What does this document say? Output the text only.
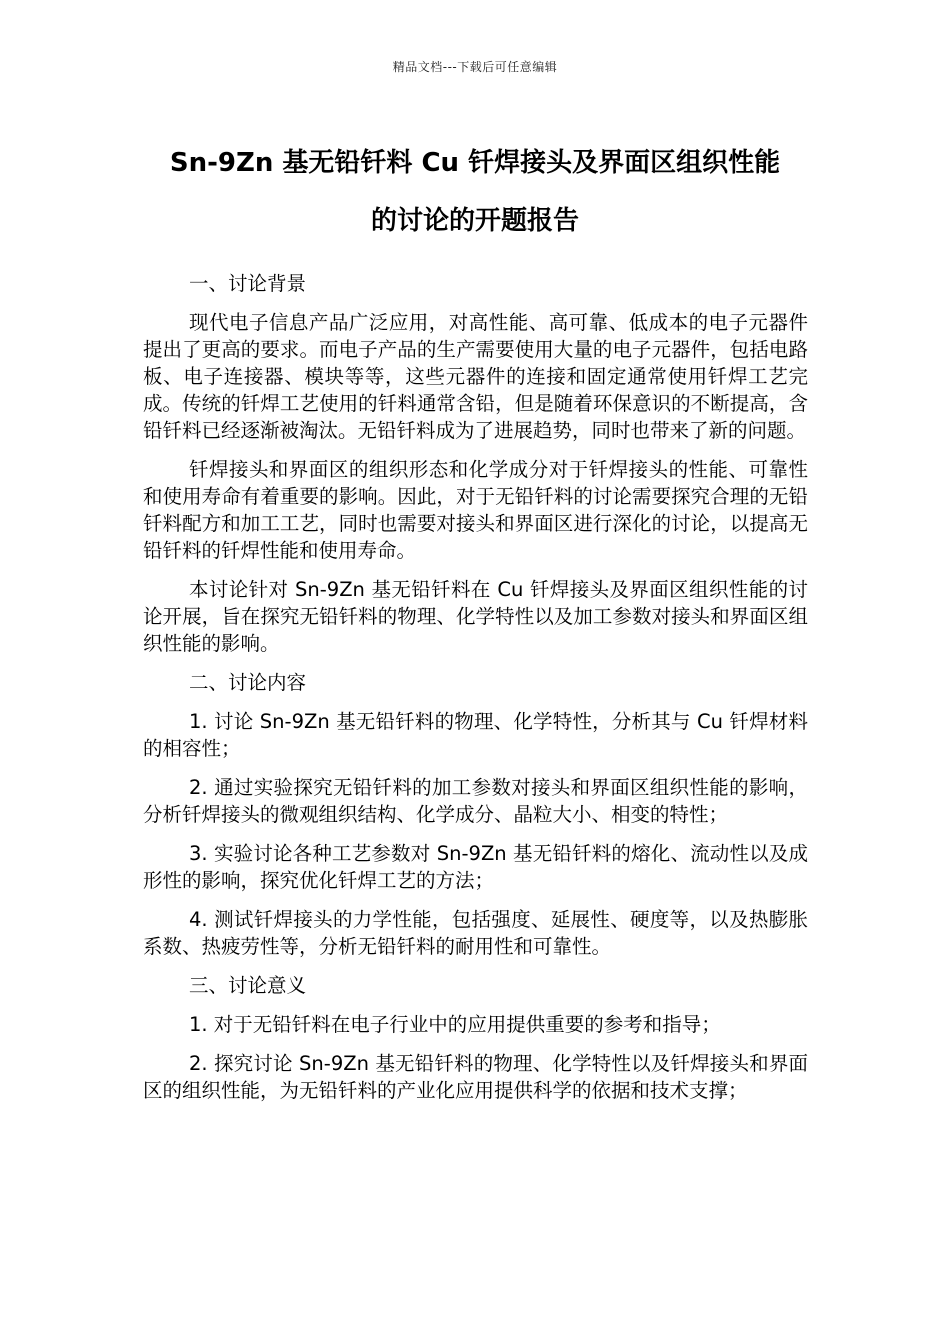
精品文档---下载后可任意编辑
Sn-9Zn 基无铅钎料 Cu 钎焊接头及界面区组织性能
的讨论的开题报告
一、讨论背景
现代电子信息产品广泛应用，对高性能、高可靠、低成本的电子元器件提出了更高的要求。而电子产品的生产需要使用大量的电子元器件，包括电路板、电子连接器、模块等等，这些元器件的连接和固定通常使用钎焊工艺完成。传统的钎焊工艺使用的钎料通常含铅，但是随着环保意识的不断提高，含铅钎料已经逐渐被淘汰。无铅钎料成为了进展趋势，同时也带来了新的问题。
钎焊接头和界面区的组织形态和化学成分对于钎焊接头的性能、可靠性和使用寿命有着重要的影响。因此，对于无铅钎料的讨论需要探究合理的无铅钎料配方和加工工艺，同时也需要对接头和界面区进行深化的讨论，以提高无铅钎料的钎焊性能和使用寿命。
本讨论针对 Sn-9Zn 基无铅钎料在 Cu 钎焊接头及界面区组织性能的讨论开展，旨在探究无铅钎料的物理、化学特性以及加工参数对接头和界面区组织性能的影响。
二、讨论内容
1. 讨论 Sn-9Zn 基无铅钎料的物理、化学特性，分析其与 Cu 钎焊材料的相容性；
2. 通过实验探究无铅钎料的加工参数对接头和界面区组织性能的影响，分析钎焊接头的微观组织结构、化学成分、晶粒大小、相变的特性；
3. 实验讨论各种工艺参数对 Sn-9Zn 基无铅钎料的熔化、流动性以及成形性的影响，探究优化钎焊工艺的方法；
4. 测试钎焊接头的力学性能，包括强度、延展性、硬度等，以及热膨胀系数、热疲劳性等，分析无铅钎料的耐用性和可靠性。
三、讨论意义
1. 对于无铅钎料在电子行业中的应用提供重要的参考和指导；
2. 探究讨论 Sn-9Zn 基无铅钎料的物理、化学特性以及钎焊接头和界面区的组织性能，为无铅钎料的产业化应用提供科学的依据和技术支撑；
